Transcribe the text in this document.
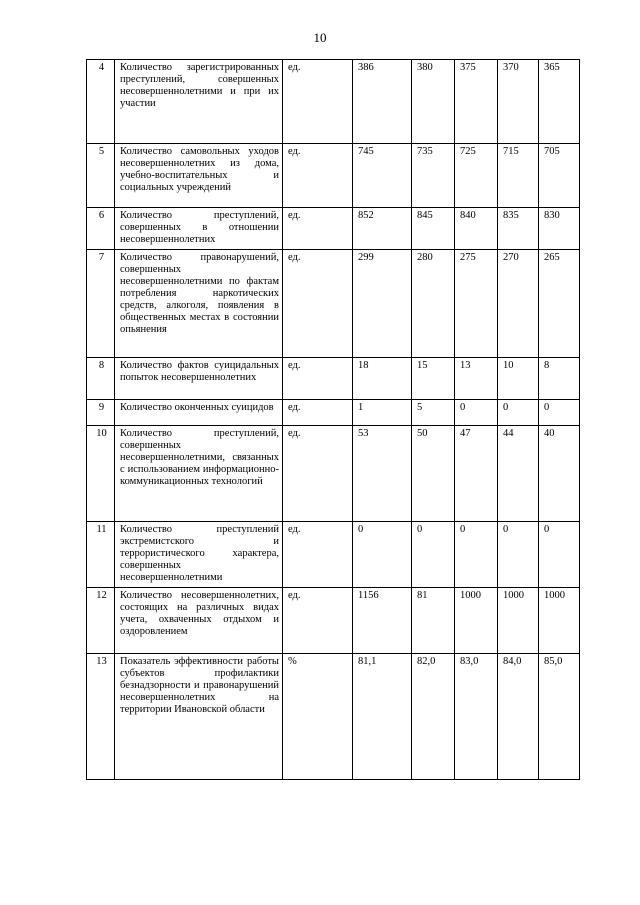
10
4	Количество зарегистрированных преступлений, совершенных несовершеннолетними и при их участии	ед.	386	380	375	370	365
5	Количество самовольных уходов несовершеннолетних из дома, учебно-воспитательных и социальных учреждений	ед.	745	735	725	715	705
6	Количество преступлений, совершенных в отношении несовершеннолетних	ед.	852	845	840	835	830
7	Количество правонарушений, совершенных несовершеннолетними по фактам потребления наркотических средств, алкоголя, появления в общественных местах в состоянии опьянения	ед.	299	280	275	270	265
8	Количество фактов суицидальных попыток несовершеннолетних	ед.	18	15	13	10	8
9	Количество оконченных суицидов	ед.	1	5	0	0	0
10	Количество преступлений, совершенных несовершеннолетними, связанных с использованием информационно-коммуникационных технологий	ед.	53	50	47	44	40
11	Количество преступлений экстремистского и террористического характера, совершенных несовершеннолетними	ед.	0	0	0	0	0
12	Количество несовершеннолетних, состоящих на различных видах учета, охваченных отдыхом и оздоровлением	ед.	1156	81	1000	1000	1000
13	Показатель эффективности работы субъектов профилактики безнадзорности и правонарушений несовершеннолетних на территории Ивановской области	%	81,1	82,0	83,0	84,0	85,0
